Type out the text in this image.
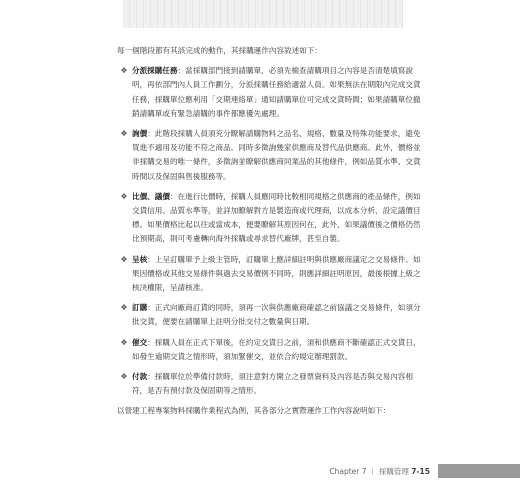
每一個階段都有其該完成的動作，其採購運作內容敘述如下：

❖ 分派採購任務：當採購部門接到請購單，必須先檢查請購項目之內容是否清楚填寫說明，再依部門內人員工作劃分，分派採購任務給適當人員。如果無法在期限內完成交貨任務，採購單位應利用「交期連絡單」通知請購單位可完成交貨時間；如果請購單位撤銷請購單或有緊急請購的事件都應優先處理。
❖ 詢價：此階段採購人員須充分瞭解請購物料之品名、規格、數量及特殊功能要求，避免買進不適用及功能不符之商品。同時多徵詢幾家供應商及替代品供應商。此外，價格並非採購交易的唯一條件，多徵詢並瞭解供應商同業品的其他條件，例如品質水準、交貨時間以及保固與售後服務等。
❖ 比價、議價：在進行比價時，採購人員應同時比較相同規格之供應商的產品條件，例如交貨信用、品質水準等，並詳加瞭解對方是製造商或代理商，以成本分析，設定議價目標。如果價格比起以往或當成本，便要瞭解其原因何在，此外，如果議價後之價格仍然比預期高，則可考慮轉向海外採購或尋求替代廠牌，甚至自製。
❖ 呈核：上呈訂購單予上級主管時，訂購單上應詳細註明與供應廠商議定之交易條件。如果因價格或其他交易條件與過去交易價例不同時，則應詳細註明原因，最後根據上級之核決權限，呈請核准。
❖ 訂購：正式向廠商訂貨的同時，須再一次與供應廠商確認之前協議之交易條件，如須分批交貨，便要在請購單上註明分批交付之數量與日期。
❖ 催交：採購人員在正式下單後，在約定交貨日之前，須和供應商不斷確認正式交貨日，如發生逾期交貨之情形時，須加緊催交，並依合約規定辦理罰款。
❖ 付款：採購單位於準備付款時，須注意對方開立之發票資料及內容是否與交易內容相符，是否有預付款及保固期等之情形。

以營建工程專案物料採購作業程式為例，其各部分之實際運作工作內容說明如下：

Chapter 7 ｜ 採購管理 7-15
